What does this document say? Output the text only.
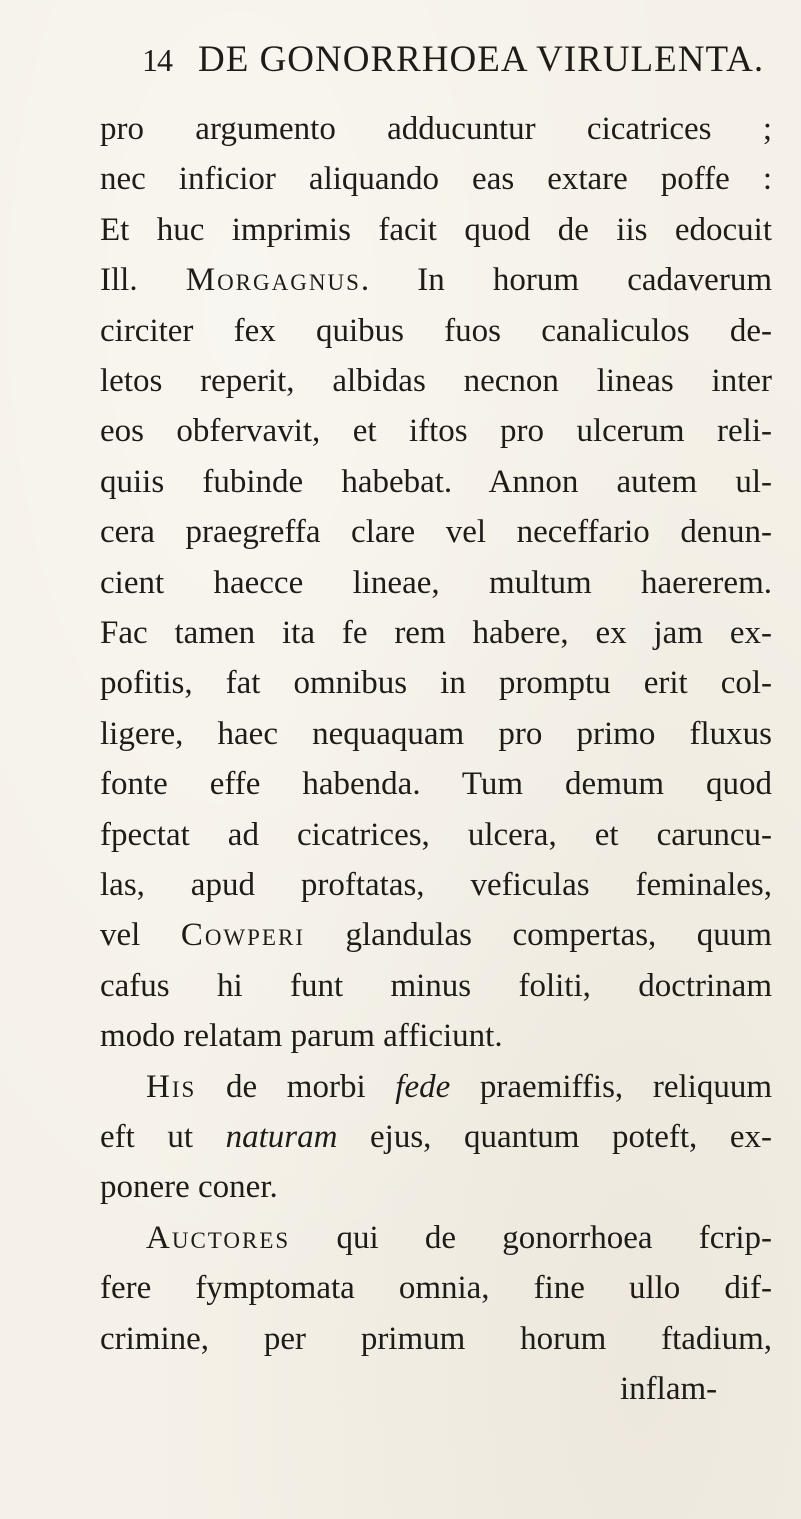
14 DE GONORRHOEA VIRULENTA.
pro argumento adducuntur cicatrices ;
nec inficior aliquando eas extare poffe :
Et huc imprimis facit quod de iis edocuit
Ill. Morgagnus. In horum cadaverum
circiter fex quibus fuos canaliculos de-
letos reperit, albidas necnon lineas inter
eos obfervavit, et iftos pro ulcerum reli-
quiis fubinde habebat. Annon autem ul-
cera praegreffa clare vel neceffario denun-
cient haecce lineae, multum haererem.
Fac tamen ita fe rem habere, ex jam ex-
pofitis, fat omnibus in promptu erit col-
ligere, haec nequaquam pro primo fluxus
fonte effe habenda. Tum demum quod
fpectat ad cicatrices, ulcera, et caruncu-
las, apud proftatas, veficulas feminales,
vel Cowperi glandulas compertas, quum
cafus hi funt minus foliti, doctrinam
modo relatam parum afficiunt.
His de morbi fede praemiffis, reliquum
eft ut naturam ejus, quantum poteft, ex-
ponere coner.
Auctores qui de gonorrhoea fcrip-
fere fymptomata omnia, fine ullo dif-
crimine, per primum horum ftadium,
inflam-
